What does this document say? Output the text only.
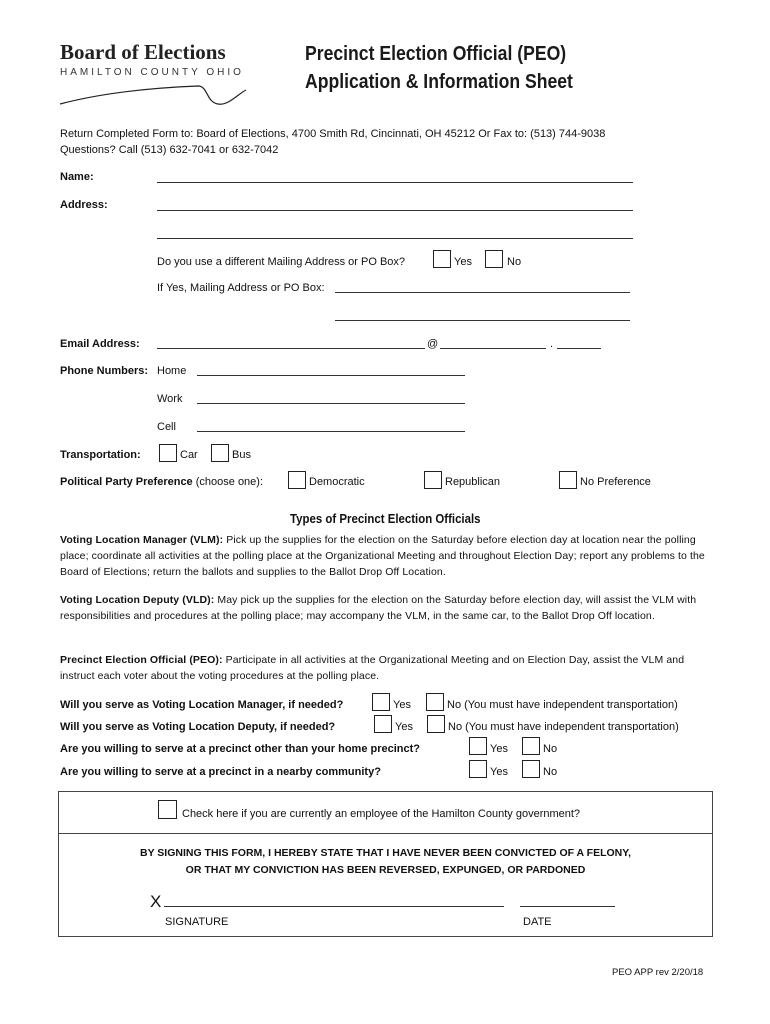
Board of Elections
HAMILTON COUNTY OHIO
Precinct Election Official (PEO)
Application & Information Sheet
Return Completed Form to: Board of Elections, 4700 Smith Rd, Cincinnati, OH 45212 Or Fax to: (513) 744-9038
Questions? Call (513) 632-7041 or 632-7042
Name:
Address:
Do you use a different Mailing Address or PO Box?	Yes	No
If Yes, Mailing Address or PO Box:
Email Address:	@	.
Phone Numbers: Home
Work
Cell
Transportation:	Car	Bus
Political Party Preference (choose one):	Democratic	Republican	No Preference
Types of Precinct Election Officials
Voting Location Manager (VLM): Pick up the supplies for the election on the Saturday before election day at location near the polling place; coordinate all activities at the polling place at the Organizational Meeting and throughout Election Day; report any problems to the Board of Elections; return the ballots and supplies to the Ballot Drop Off Location.
Voting Location Deputy (VLD): May pick up the supplies for the election on the Saturday before election day, will assist the VLM with responsibilities and procedures at the polling place; may accompany the VLM, in the same car, to the Ballot Drop Off location.
Precinct Election Official (PEO): Participate in all activities at the Organizational Meeting and on Election Day, assist the VLM and instruct each voter about the voting procedures at the polling place.
Will you serve as Voting Location Manager, if needed?	Yes	No (You must have independent transportation)
Will you serve as Voting Location Deputy, if needed?	Yes	No (You must have independent transportation)
Are you willing to serve at a precinct other than your home precinct?	Yes	No
Are you willing to serve at a precinct in a nearby community?	Yes	No
Check here if you are currently an employee of the Hamilton County government?
BY SIGNING THIS FORM, I HEREBY STATE THAT I HAVE NEVER BEEN CONVICTED OF A FELONY,
OR THAT MY CONVICTION HAS BEEN REVERSED, EXPUNGED, OR PARDONED
X
SIGNATURE	DATE
PEO APP rev 2/20/18
